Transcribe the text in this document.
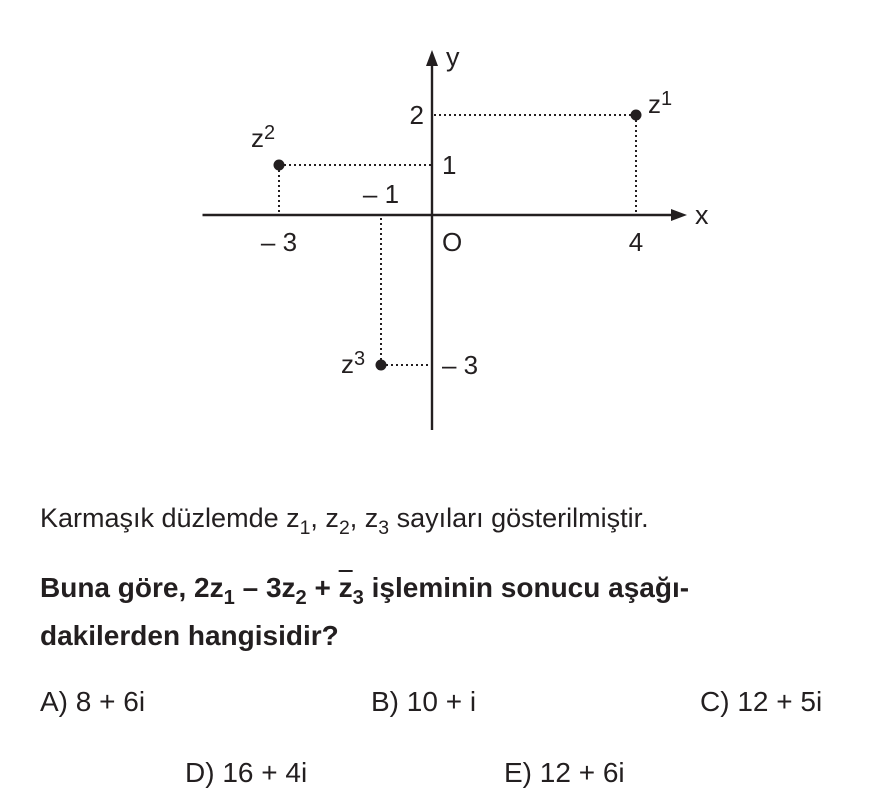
x
y
O
– 3
– 1
4
2
1
– 3
$z^1$
$z^2$
$z^3$
Karmaşık düzlemde $z_1$, $z_2$, $z_3$ sayıları gösterilmiştir.
Buna göre, $2z_1 - 3z_2 + \overline{z}_3$ işleminin sonucu aşağı-
dakilerden hangisidir?
A) 8 + 6i	B) 10 + i	C) 12 + 5i
D) 16 + 4i	E) 12 + 6i
